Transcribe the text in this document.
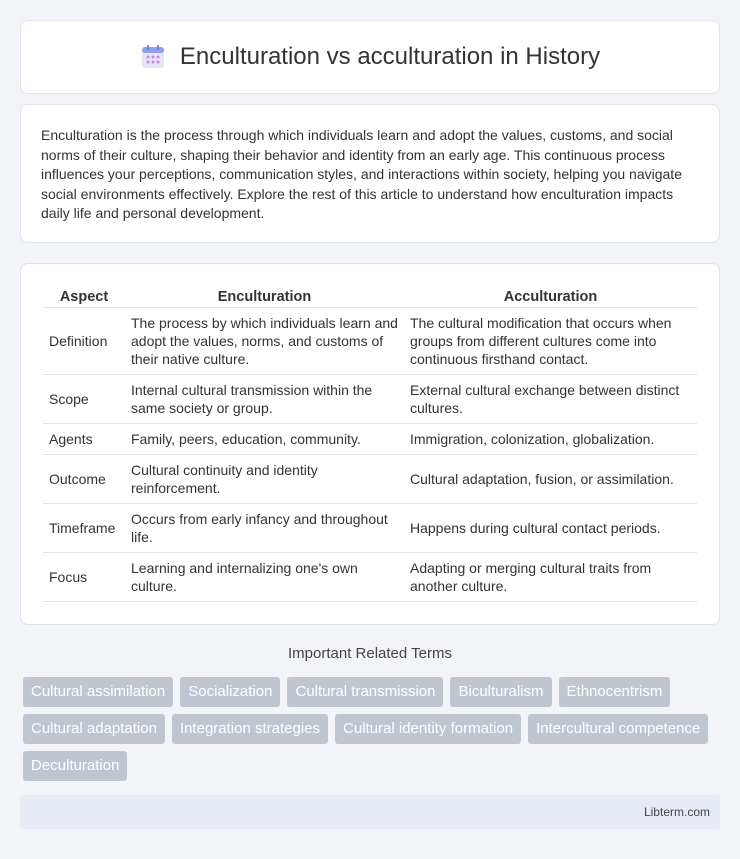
Enculturation vs acculturation in History

Enculturation is the process through which individuals learn and adopt the values, customs, and social norms of their culture, shaping their behavior and identity from an early age. This continuous process influences your perceptions, communication styles, and interactions within society, helping you navigate social environments effectively. Explore the rest of this article to understand how enculturation impacts daily life and personal development.

Aspect	Enculturation	Acculturation
Definition	The process by which individuals learn and adopt the values, norms, and customs of their native culture.	The cultural modification that occurs when groups from different cultures come into continuous firsthand contact.
Scope	Internal cultural transmission within the same society or group.	External cultural exchange between distinct cultures.
Agents	Family, peers, education, community.	Immigration, colonization, globalization.
Outcome	Cultural continuity and identity reinforcement.	Cultural adaptation, fusion, or assimilation.
Timeframe	Occurs from early infancy and throughout life.	Happens during cultural contact periods.
Focus	Learning and internalizing one's own culture.	Adapting or merging cultural traits from another culture.
Important Related Terms
Cultural assimilation	Socialization	Cultural transmission	Biculturalism	Ethnocentrism
Cultural adaptation	Integration strategies	Cultural identity formation	Intercultural competence
Deculturation
Libterm.com
